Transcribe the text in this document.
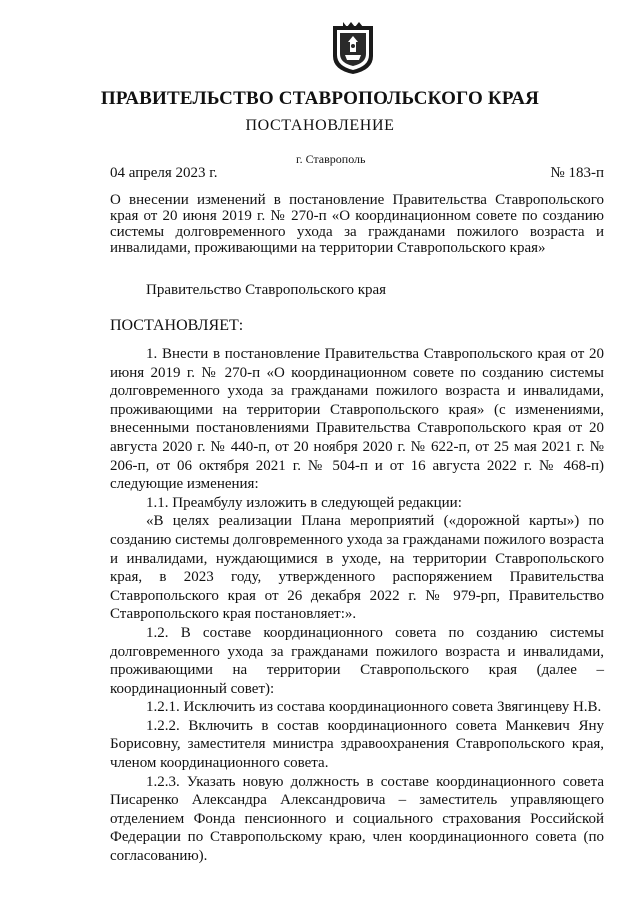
ПРАВИТЕЛЬСТВО СТАВРОПОЛЬСКОГО КРАЯ
ПОСТАНОВЛЕНИЕ
г. Ставрополь
04 апреля 2023 г.	№ 183-п
О внесении изменений в постановление Правительства Ставропольского края от 20 июня 2019 г. № 270-п «О координационном совете по созданию системы долговременного ухода за гражданами пожилого возраста и инвалидами, проживающими на территории Ставропольского края»
Правительство Ставропольского края
ПОСТАНОВЛЯЕТ:

1. Внести в постановление Правительства Ставропольского края от 20 июня 2019 г. № 270-п «О координационном совете по созданию системы долговременного ухода за гражданами пожилого возраста и инвалидами, проживающими на территории Ставропольского края» (с изменениями, внесенными постановлениями Правительства Ставропольского края от 20 августа 2020 г. № 440-п, от 20 ноября 2020 г. № 622-п, от 25 мая 2021 г. № 206-п, от 06 октября 2021 г. № 504-п и от 16 августа 2022 г. № 468-п) следующие изменения:

1.1. Преамбулу изложить в следующей редакции:

«В целях реализации Плана мероприятий («дорожной карты») по созданию системы долговременного ухода за гражданами пожилого возраста и инвалидами, нуждающимися в уходе, на территории Ставропольского края, в 2023 году, утвержденного распоряжением Правительства Ставропольского края от 26 декабря 2022 г. № 979-рп, Правительство Ставропольского края постановляет:».

1.2. В составе координационного совета по созданию системы долговременного ухода за гражданами пожилого возраста и инвалидами, проживающими на территории Ставропольского края (далее – координационный совет):

1.2.1. Исключить из состава координационного совета Звягинцеву Н.В.

1.2.2. Включить в состав координационного совета Манкевич Яну Борисовну, заместителя министра здравоохранения Ставропольского края, членом координационного совета.

1.2.3. Указать новую должность в составе координационного совета Писаренко Александра Александровича – заместитель управляющего отделением Фонда пенсионного и социального страхования Российской Федерации по Ставропольскому краю, член координационного совета (по согласованию).
